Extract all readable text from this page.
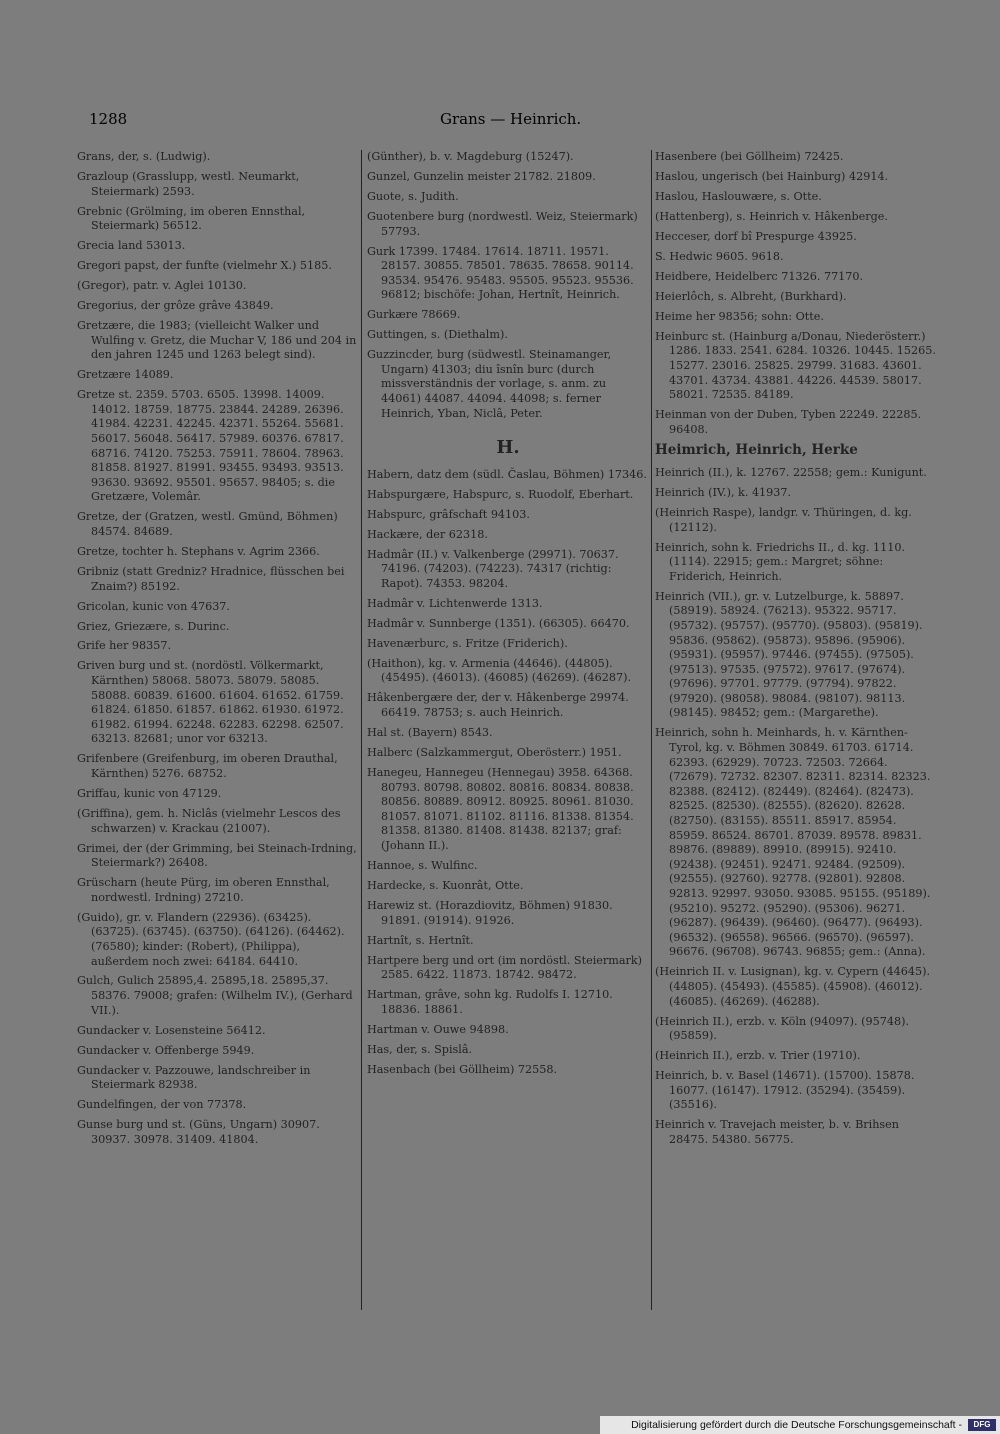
1288	Grans — Heinrich.
Grans, der, s. (Ludwig).
Grazloup (Grasslupp, westl. Neumarkt, Steiermark) 2593.
Grebnic (Grölming, im oberen Ennsthal, Steiermark) 56512.
Grecia land 53013.
Gregori papst, der funfte (vielmehr X.) 5185.
(Gregor), patr. v. Aglei 10130.
Gregorius, der grôze grâve 43849.
Gretzære, die 1983; (vielleicht Walker und Wulfing v. Gretz, die Muchar V, 186 und 204 in den jahren 1245 und 1263 belegt sind).
Gretzære 14089.
Gretze st. 2359. 5703. 6505. 13998. 14009. 14012. 18759. 18775. 23844. 24289. 26396. 41984. 42231. 42245. 42371. 55264. 55681. 56017. 56048. 56417. 57989. 60376. 67817. 68716. 74120. 75253. 75911. 78604. 78963. 81858. 81927. 81991. 93455. 93493. 93513. 93630. 93692. 95501. 95657. 98405; s. die Gretzære, Volemâr.
Gretze, der (Gratzen, westl. Gmünd, Böhmen) 84574. 84689.
Gretze, tochter h. Stephans v. Agrim 2366.
Gribniz (statt Gredniz? Hradnice, flüsschen bei Znaim?) 85192.
Gricolan, kunic von 47637.
Griez, Griezære, s. Durinc.
Grife her 98357.
Griven burg und st. (nordöstl. Völkermarkt, Kärnthen) 58068. 58073. 58079. 58085. 58088. 60839. 61600. 61604. 61652. 61759. 61824. 61850. 61857. 61862. 61930. 61972. 61982. 61994. 62248. 62283. 62298. 62507. 63213. 82681; unor vor 63213.
Grifenbere (Greifenburg, im oberen Drauthal, Kärnthen) 5276. 68752.
Griffau, kunic von 47129.
(Griffina), gem. h. Niclâs (vielmehr Lescos des schwarzen) v. Krackau (21007).
Grimei, der (der Grimming, bei Steinach-Irdning, Steiermark?) 26408.
Grüscharn (heute Pürg, im oberen Ennsthal, nordwestl. Irdning) 27210.
(Guido), gr. v. Flandern (22936). (63425). (63725). (63745). (63750). (64126). (64462). (76580); kinder: (Robert), (Philippa), außerdem noch zwei: 64184. 64410.
Gulch, Gulich 25895,4. 25895,18. 25895,37. 58376. 79008; grafen: (Wilhelm IV.), (Gerhard VII.).
Gundacker v. Losensteine 56412.
Gundacker v. Offenberge 5949.
Gundacker v. Pazzouwe, landschreiber in Steiermark 82938.
Gundelfingen, der von 77378.
Gunse burg und st. (Güns, Ungarn) 30907. 30937. 30978. 31409. 41804.
(Günther), b. v. Magdeburg (15247).
Gunzel, Gunzelin meister 21782. 21809.
Guote, s. Judith.
Guotenbere burg (nordwestl. Weiz, Steiermark) 57793.
Gurk 17399. 17484. 17614. 18711. 19571. 28157. 30855. 78501. 78635. 78658. 90114. 93534. 95476. 95483. 95505. 95523. 95536. 96812; bischöfe: Johan, Hertnît, Heinrich.
Gurkære 78669.
Guttingen, s. (Diethalm).
Guzzincder, burg (südwestl. Steinamanger, Ungarn) 41303; diu îsnîn burc (durch missverständnis der vorlage, s. anm. zu 44061) 44087. 44094. 44098; s. ferner Heinrich, Yban, Niclâ, Peter.
H.
Habern, datz dem (südl. Časlau, Böhmen) 17346.
Habspurgære, Habspurc, s. Ruodolf, Eberhart.
Habspurc, grâfschaft 94103.
Hackære, der 62318.
Hadmâr (II.) v. Valkenberge (29971). 70637. 74196. (74203). (74223). 74317 (richtig: Rapot). 74353. 98204.
Hadmâr v. Lichtenwerde 1313.
Hadmâr v. Sunnberge (1351). (66305). 66470.
Havenærburc, s. Fritze (Friderich).
(Haithon), kg. v. Armenia (44646). (44805). (45495). (46013). (46085) (46269). (46287).
Hâkenbergære der, der v. Hâkenberge 29974. 66419. 78753; s. auch Heinrich.
Hal st. (Bayern) 8543.
Halberc (Salzkammergut, Oberösterr.) 1951.
Hanegeu, Hannegeu (Hennegau) 3958. 64368. 80793. 80798. 80802. 80816. 80834. 80838. 80856. 80889. 80912. 80925. 80961. 81030. 81057. 81071. 81102. 81116. 81338. 81354. 81358. 81380. 81408. 81438. 82137; graf: (Johann II.).
Hannoe, s. Wulfinc.
Hardecke, s. Kuonrât, Otte.
Harewiz st. (Horazdiovitz, Böhmen) 91830. 91891. (91914). 91926.
Hartnît, s. Hertnît.
Hartpere berg und ort (im nordöstl. Steiermark) 2585. 6422. 11873. 18742. 98472.
Hartman, grâve, sohn kg. Rudolfs I. 12710. 18836. 18861.
Hartman v. Ouwe 94898.
Has, der, s. Spislâ.
Hasenbach (bei Göllheim) 72558.
Hasenbere (bei Göllheim) 72425.
Haslou, ungerisch (bei Hainburg) 42914.
Haslou, Haslouwære, s. Otte.
(Hattenberg), s. Heinrich v. Hâkenberge.
Hecceser, dorf bî Prespurge 43925.
S. Hedwic 9605. 9618.
Heidbere, Heidelberc 71326. 77170.
Heierlôch, s. Albreht, (Burkhard).
Heime her 98356; sohn: Otte.
Heinburc st. (Hainburg a/Donau, Niederösterr.) 1286. 1833. 2541. 6284. 10326. 10445. 15265. 15277. 23016. 25825. 29799. 31683. 43601. 43701. 43734. 43881. 44226. 44539. 58017. 58021. 72535. 84189.
Heinman von der Duben, Tyben 22249. 22285. 96408.
Heimrich, Heinrich, Herke
Heinrich (II.), k. 12767. 22558; gem.: Kunigunt.
Heinrich (IV.), k. 41937.
(Heinrich Raspe), landgr. v. Thüringen, d. kg. (12112).
Heinrich, sohn k. Friedrichs II., d. kg. 1110. (1114). 22915; gem.: Margret; söhne: Friderich, Heinrich.
Heinrich (VII.), gr. v. Lutzelburge, k. 58897. (58919). 58924. (76213). 95322. 95717. (95732). (95757). (95770). (95803). (95819). 95836. (95862). (95873). 95896. (95906). (95931). (95957). 97446. (97455). (97505). (97513). 97535. (97572). 97617. (97674). (97696). 97701. 97779. (97794). 97822. (97920). (98058). 98084. (98107). 98113. (98145). 98452; gem.: (Margarethe).
Heinrich, sohn h. Meinhards, h. v. Kärnthen-Tyrol, kg. v. Böhmen 30849. 61703. 61714. 62393. (62929). 70723. 72503. 72664. (72679). 72732. 82307. 82311. 82314. 82323. 82388. (82412). (82449). (82464). (82473). 82525. (82530). (82555). (82620). 82628. (82750). (83155). 85511. 85917. 85954. 85959. 86524. 86701. 87039. 89578. 89831. 89876. (89889). 89910. (89915). 92410. (92438). (92451). 92471. 92484. (92509). (92555). (92760). 92778. (92801). 92808. 92813. 92997. 93050. 93085. 95155. (95189). (95210). 95272. (95290). (95306). 96271. (96287). (96439). (96460). (96477). (96493). (96532). (96558). 96566. (96570). (96597). 96676. (96708). 96743. 96855; gem.: (Anna).
(Heinrich II. v. Lusignan), kg. v. Cypern (44645). (44805). (45493). (45585). (45908). (46012). (46085). (46269). (46288).
(Heinrich II.), erzb. v. Köln (94097). (95748). (95859).
(Heinrich II.), erzb. v. Trier (19710).
Heinrich, b. v. Basel (14671). (15700). 15878. 16077. (16147). 17912. (35294). (35459). (35516).
Heinrich v. Travejach meister, b. v. Brihsen 28475. 54380. 56775.
Digitalisierung gefördert durch die Deutsche Forschungsgemeinschaft -	DFG
